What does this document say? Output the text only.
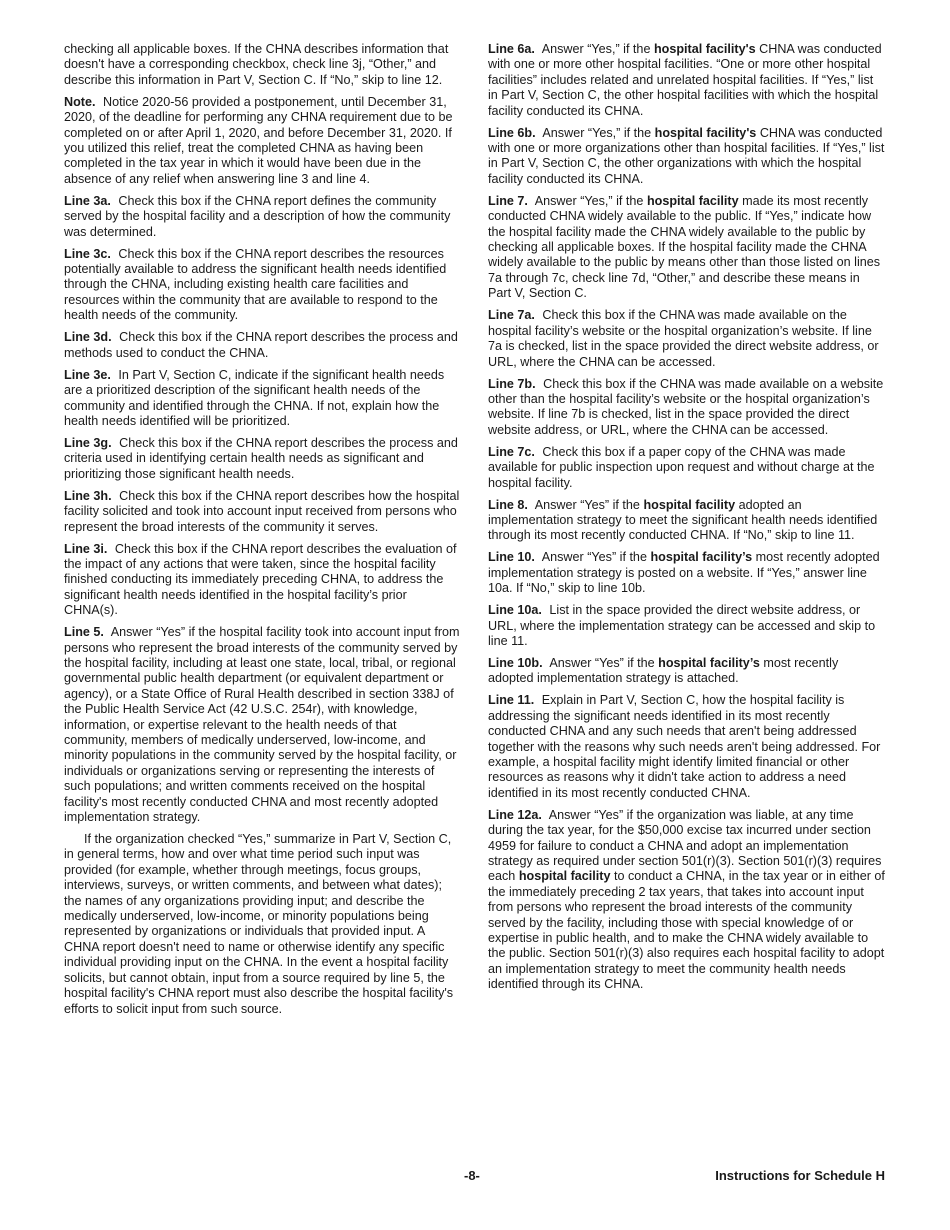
checking all applicable boxes. If the CHNA describes information that doesn't have a corresponding checkbox, check line 3j, “Other,” and describe this information in Part V, Section C. If “No,” skip to line 12.

Note. Notice 2020-56 provided a postponement, until December 31, 2020, of the deadline for performing any CHNA requirement due to be completed on or after April 1, 2020, and before December 31, 2020. If you utilized this relief, treat the completed CHNA as having been completed in the tax year in which it would have been due in the absence of any relief when answering line 3 and line 4.

Line 3a. Check this box if the CHNA report defines the community served by the hospital facility and a description of how the community was determined.

Line 3c. Check this box if the CHNA report describes the resources potentially available to address the significant health needs identified through the CHNA, including existing health care facilities and resources within the community that are available to respond to the health needs of the community.

Line 3d. Check this box if the CHNA report describes the process and methods used to conduct the CHNA.

Line 3e. In Part V, Section C, indicate if the significant health needs are a prioritized description of the significant health needs of the community and identified through the CHNA. If not, explain how the health needs identified will be prioritized.

Line 3g. Check this box if the CHNA report describes the process and criteria used in identifying certain health needs as significant and prioritizing those significant health needs.

Line 3h. Check this box if the CHNA report describes how the hospital facility solicited and took into account input received from persons who represent the broad interests of the community it serves.

Line 3i. Check this box if the CHNA report describes the evaluation of the impact of any actions that were taken, since the hospital facility finished conducting its immediately preceding CHNA, to address the significant health needs identified in the hospital facility’s prior CHNA(s).

Line 5. Answer “Yes” if the hospital facility took into account input from persons who represent the broad interests of the community served by the hospital facility, including at least one state, local, tribal, or regional governmental public health department (or equivalent department or agency), or a State Office of Rural Health described in section 338J of the Public Health Service Act (42 U.S.C. 254r), with knowledge, information, or expertise relevant to the health needs of that community, members of medically underserved, low-income, and minority populations in the community served by the hospital facility, or individuals or organizations serving or representing the interests of such populations; and written comments received on the hospital facility's most recently conducted CHNA and most recently adopted implementation strategy.

If the organization checked “Yes,” summarize in Part V, Section C, in general terms, how and over what time period such input was provided (for example, whether through meetings, focus groups, interviews, surveys, or written comments, and between what dates); the names of any organizations providing input; and describe the medically underserved, low-income, or minority populations being represented by organizations or individuals that provided input. A CHNA report doesn't need to name or otherwise identify any specific individual providing input on the CHNA. In the event a hospital facility solicits, but cannot obtain, input from a source required by line 5, the hospital facility's CHNA report must also describe the hospital facility's efforts to solicit input from such source.

Line 6a. Answer “Yes,” if the hospital facility's CHNA was conducted with one or more other hospital facilities. “One or more other hospital facilities” includes related and unrelated hospital facilities. If “Yes,” list in Part V, Section C, the other hospital facilities with which the hospital facility conducted its CHNA.

Line 6b. Answer “Yes,” if the hospital facility's CHNA was conducted with one or more organizations other than hospital facilities. If “Yes,” list in Part V, Section C, the other organizations with which the hospital facility conducted its CHNA.

Line 7. Answer “Yes,” if the hospital facility made its most recently conducted CHNA widely available to the public. If “Yes,” indicate how the hospital facility made the CHNA widely available to the public by checking all applicable boxes. If the hospital facility made the CHNA widely available to the public by means other than those listed on lines 7a through 7c, check line 7d, “Other,” and describe these means in Part V, Section C.

Line 7a. Check this box if the CHNA was made available on the hospital facility’s website or the hospital organization’s website. If line 7a is checked, list in the space provided the direct website address, or URL, where the CHNA can be accessed.

Line 7b. Check this box if the CHNA was made available on a website other than the hospital facility’s website or the hospital organization’s website. If line 7b is checked, list in the space provided the direct website address, or URL, where the CHNA can be accessed.

Line 7c. Check this box if a paper copy of the CHNA was made available for public inspection upon request and without charge at the hospital facility.

Line 8. Answer “Yes” if the hospital facility adopted an implementation strategy to meet the significant health needs identified through its most recently conducted CHNA. If “No,” skip to line 11.

Line 10. Answer “Yes” if the hospital facility’s most recently adopted implementation strategy is posted on a website. If “Yes,” answer line 10a. If “No,” skip to line 10b.

Line 10a. List in the space provided the direct website address, or URL, where the implementation strategy can be accessed and skip to line 11.

Line 10b. Answer “Yes” if the hospital facility’s most recently adopted implementation strategy is attached.

Line 11. Explain in Part V, Section C, how the hospital facility is addressing the significant needs identified in its most recently conducted CHNA and any such needs that aren't being addressed together with the reasons why such needs aren't being addressed. For example, a hospital facility might identify limited financial or other resources as reasons why it didn't take action to address a need identified in its most recently conducted CHNA.

Line 12a. Answer “Yes” if the organization was liable, at any time during the tax year, for the $50,000 excise tax incurred under section 4959 for failure to conduct a CHNA and adopt an implementation strategy as required under section 501(r)(3). Section 501(r)(3) requires each hospital facility to conduct a CHNA, in the tax year or in either of the immediately preceding 2 tax years, that takes into account input from persons who represent the broad interests of the community served by the facility, including those with special knowledge of or expertise in public health, and to make the CHNA widely available to the public. Section 501(r)(3) also requires each hospital facility to adopt an implementation strategy to meet the community health needs identified through its CHNA.

-8-	Instructions for Schedule H
